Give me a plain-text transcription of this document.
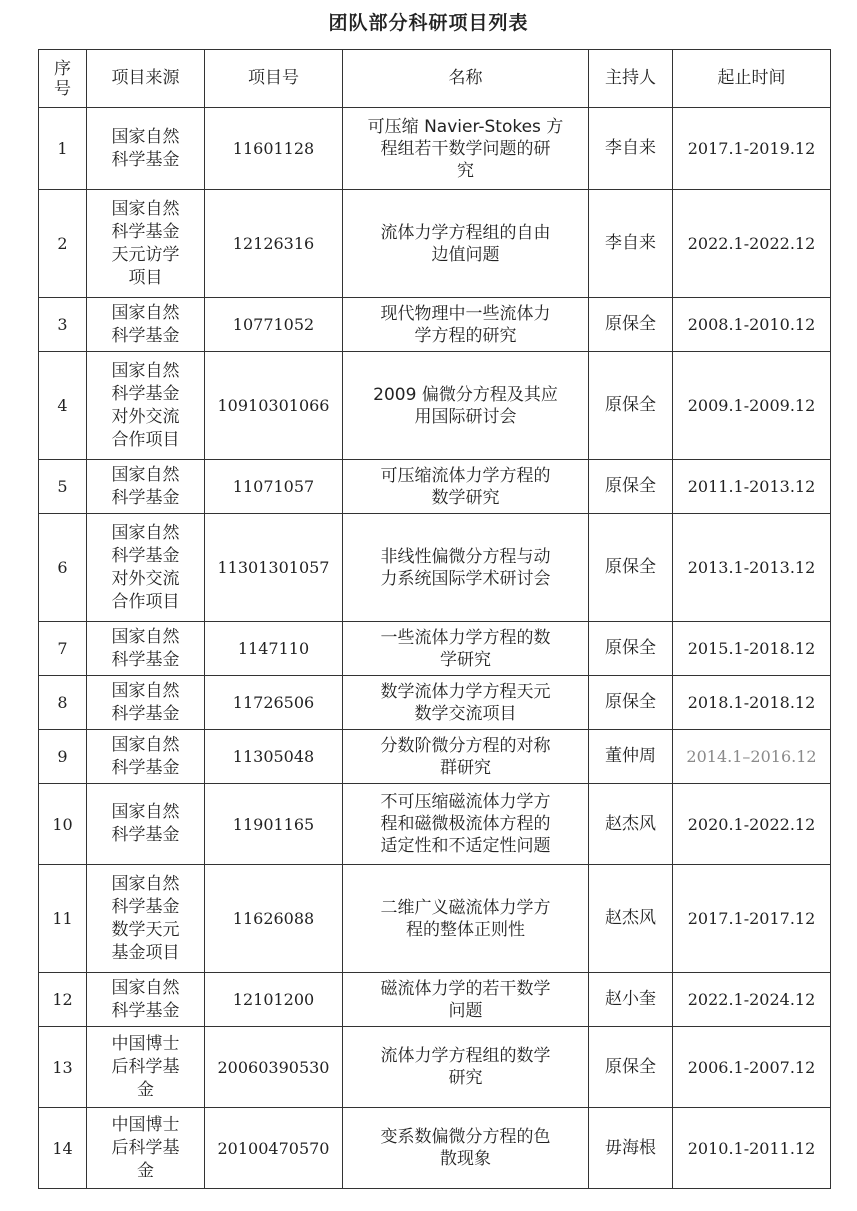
团队部分科研项目列表
序
号	项目来源	项目号	名称	主持人	起止时间
1	国家自然
科学基金	11601128	可压缩 Navier-Stokes 方
程组若干数学问题的研
究	李自来	2017.1-2019.12
2	国家自然
科学基金
天元访学
项目	12126316	流体力学方程组的自由
边值问题	李自来	2022.1-2022.12
3	国家自然
科学基金	10771052	现代物理中一些流体力
学方程的研究	原保全	2008.1-2010.12
4	国家自然
科学基金
对外交流
合作项目	10910301066	2009 偏微分方程及其应
用国际研讨会	原保全	2009.1-2009.12
5	国家自然
科学基金	11071057	可压缩流体力学方程的
数学研究	原保全	2011.1-2013.12
6	国家自然
科学基金
对外交流
合作项目	11301301057	非线性偏微分方程与动
力系统国际学术研讨会	原保全	2013.1-2013.12
7	国家自然
科学基金	1147110	一些流体力学方程的数
学研究	原保全	2015.1-2018.12
8	国家自然
科学基金	11726506	数学流体力学方程天元
数学交流项目	原保全	2018.1-2018.12
9	国家自然
科学基金	11305048	分数阶微分方程的对称
群研究	董仲周	2014.1–2016.12
10	国家自然
科学基金	11901165	不可压缩磁流体力学方
程和磁微极流体方程的
适定性和不适定性问题	赵杰风	2020.1-2022.12
11	国家自然
科学基金
数学天元
基金项目	11626088	二维广义磁流体力学方
程的整体正则性	赵杰风	2017.1-2017.12
12	国家自然
科学基金	12101200	磁流体力学的若干数学
问题	赵小奎	2022.1-2024.12
13	中国博士
后科学基
金	20060390530	流体力学方程组的数学
研究	原保全	2006.1-2007.12
14	中国博士
后科学基
金	20100470570	变系数偏微分方程的色
散现象	毋海根	2010.1-2011.12
